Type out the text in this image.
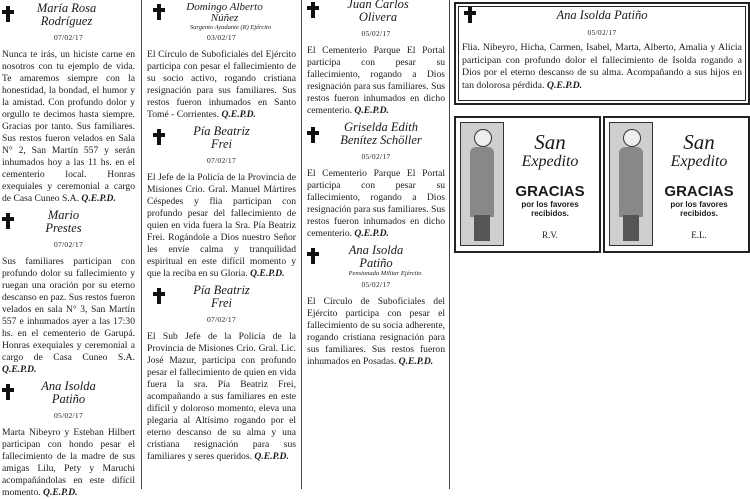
María Rosa Rodríguez
07/02/17
Nunca te irás, un hiciste carne en nosotros con tu ejemplo de vida. Te amaremos siempre con la honestidad, la bondad, el humor y la amistad. Con profundo dolor y orgullo te decimos hasta siempre. Gracias por tanto. Sus familiares. Sus restos fueron velados en Sala N° 2, San Martín 557 y serán inhumados hoy a las 11 hs. en el cementerio local. Honras exequiales y ceremonial a cargo de Casa Cuneo S.A. Q.E.P.D.
Mario Prestes
07/02/17
Sus familiares participan con profundo dolor su fallecimiento y ruegan una oración por su eterno descanso en paz. Sus restos fueron velados en sala N° 3, San Martín 557 e inhumados ayer a las 17:30 hs. en el cementerio de Garupá. Honras exequiales y ceremonial a cargo de Casa Cuneo S.A. Q.E.P.D.
Ana Isolda Patiño
05/02/17
Marta Nibeyro y Esteban Hilbert participan con hondo pesar el fallecimiento de la madre de sus amigas Lilu, Pety y Maruchi acompañándolas en este difícil momento. Q.E.P.D.
Domingo Alberto Núñez
Sargento Ayudante (R) Ejército
03/02/17
El Círculo de Suboficiales del Ejército participa con pesar el fallecimiento de su socio activo, rogando cristiana resignación para sus familiares. Sus restos fueron inhumados en Santo Tomé - Corrientes. Q.E.P.D.
Pía Beatriz Frei
07/02/17
El Jefe de la Policía de la Provincia de Misiones Crio. Gral. Manuel Mártires Céspedes y flia participan con profundo pesar del fallecimiento de quien en vida fuera la Sra. Pía Beatriz Frei. Rogándole a Dios nuestro Señor les envíe calma y tranquilidad espiritual en este difícil momento y que la reciba en su Gloria. Q.E.P.D.
Pía Beatriz Frei
07/02/17
El Sub Jefe de la Policía de la Provincia de Misiones Crio. Gral. Lic. José Mazur, participa con profundo pesar el fallecimiento de quien en vida fuera la sra. Pía Beatriz Frei, acompañando a sus familiares en este difícil y doloroso momento, eleva una plegaria al Altísimo rogando por el eterno descanso de su alma y una cristiana resignación para sus familiares y seres queridos. Q.E.P.D.
Juan Carlos Olivera
05/02/17
El Cementerio Parque El Portal participa con pesar su fallecimiento, rogando a Dios resignación para sus familiares. Sus restos fueron inhumados en dicho cementerio. Q.E.P.D.
Griselda Edith Benítez Schöller
05/02/17
El Cementerio Parque El Portal participa con pesar su fallecimiento, rogando a Dios resignación para sus familiares. Sus restos fueron inhumados en dicho cementerio. Q.E.P.D.
Ana Isolda Patiño
Pensionada Militar Ejército
05/02/17
El Círculo de Suboficiales del Ejército participa con pesar el fallecimiento de su socia adherente, rogando cristiana resignación para sus familiares. Sus restos fueron inhumados en Posadas. Q.E.P.D.
Ana Isolda Patiño
05/02/17
Flia. Nibeyro, Hicha, Carmen, Isabel, Marta, Alberto, Amalia y Alicia participan con profundo dolor el fallecimiento de Isolda rogando a Dios por el eterno descanso de su alma. Acompañando a sus hijos en tan dolorosa pérdida. Q.E.P.D.
San
Expedito
GRACIAS
por los favores recibidos.
R.V.
San
Expedito
GRACIAS
por los favores recibidos.
E.L.
